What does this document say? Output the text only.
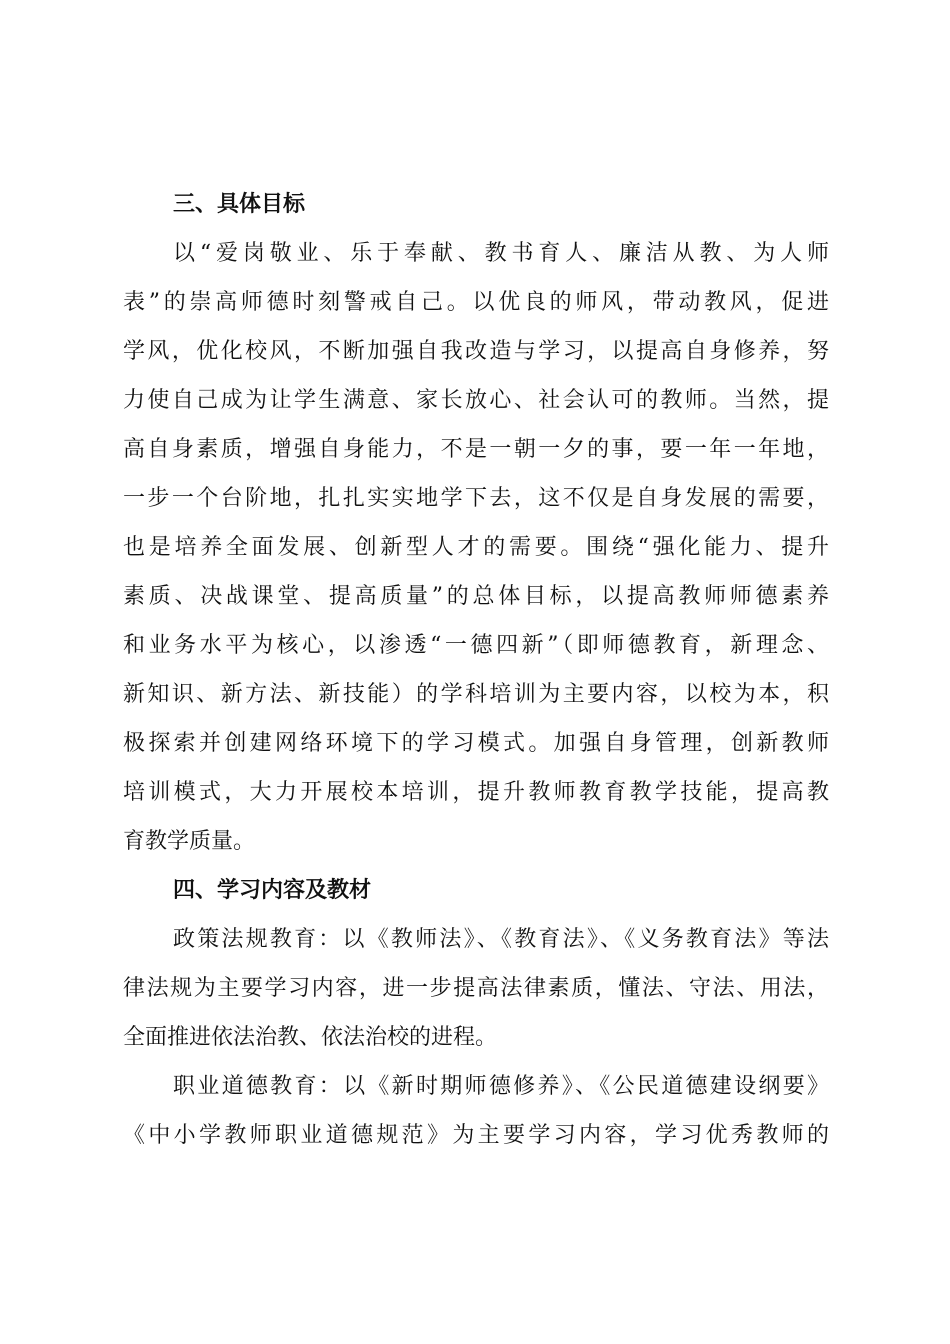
三、具体目标

以“爱岗敬业、乐于奉献、教书育人、廉洁从教、为人师
表”的崇高师德时刻警戒自己。以优良的师风，带动教风，促进
学风，优化校风，不断加强自我改造与学习，以提高自身修养，努
力使自己成为让学生满意、家长放心、社会认可的教师。当然，提
高自身素质，增强自身能力，不是一朝一夕的事，要一年一年地，
一步一个台阶地，扎扎实实地学下去，这不仅是自身发展的需要，
也是培养全面发展、创新型人才的需要。围绕“强化能力、提升
素质、决战课堂、提高质量”的总体目标，以提高教师师德素养
和业务水平为核心，以渗透“一德四新”（即师德教育，新理念、
新知识、新方法、新技能）的学科培训为主要内容，以校为本，积
极探索并创建网络环境下的学习模式。加强自身管理，创新教师
培训模式，大力开展校本培训，提升教师教育教学技能，提高教
育教学质量。

四、学习内容及教材

政策法规教育：以《教师法》、《教育法》、《义务教育法》等法
律法规为主要学习内容，进一步提高法律素质，懂法、守法、用法，
全面推进依法治教、依法治校的进程。

职业道德教育：以《新时期师德修养》、《公民道德建设纲要》
《中小学教师职业道德规范》为主要学习内容，学习优秀教师的
